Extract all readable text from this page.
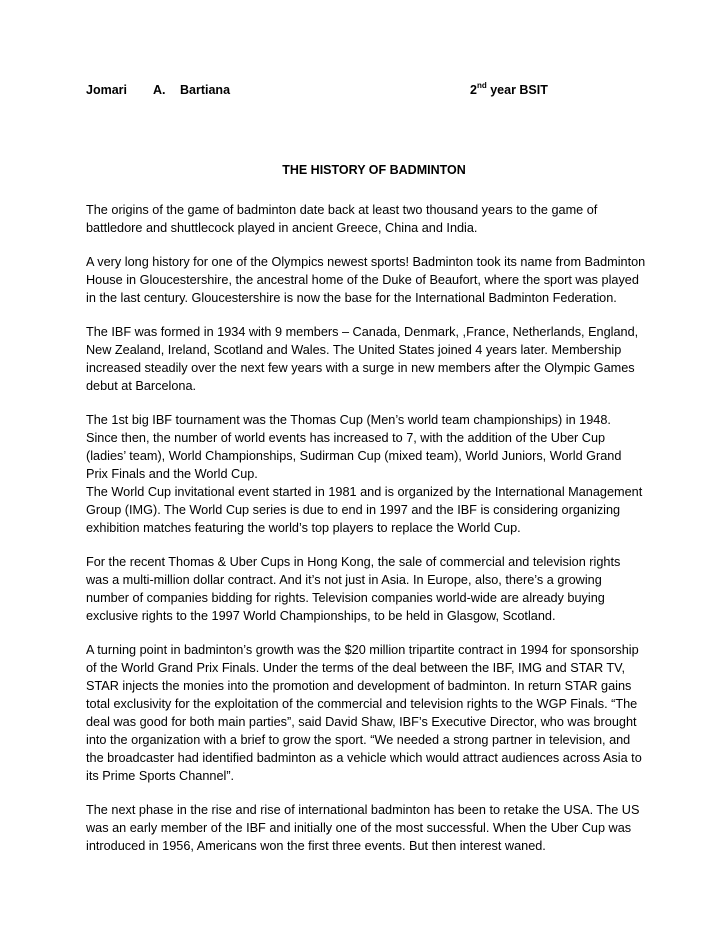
Jomari A. Bartiana	2nd year BSIT
THE HISTORY OF BADMINTON

The origins of the game of badminton date back at least two thousand years to the game of battledore and shuttlecock played in ancient Greece, China and India.

A very long history for one of the Olympics newest sports! Badminton took its name from Badminton House in Gloucestershire, the ancestral home of the Duke of Beaufort, where the sport was played in the last century. Gloucestershire is now the base for the International Badminton Federation.

The IBF was formed in 1934 with 9 members – Canada, Denmark, ,France, Netherlands, England, New Zealand, Ireland, Scotland and Wales. The United States joined 4 years later. Membership increased steadily over the next few years with a surge in new members after the Olympic Games debut at Barcelona.

The 1st big IBF tournament was the Thomas Cup (Men’s world team championships) in 1948. Since then, the number of world events has increased to 7, with the addition of the Uber Cup (ladies’ team), World Championships, Sudirman Cup (mixed team), World Juniors, World Grand Prix Finals and the World Cup.

The World Cup invitational event started in 1981 and is organized by the International Management Group (IMG). The World Cup series is due to end in 1997 and the IBF is considering organizing exhibition matches featuring the world’s top players to replace the World Cup.

For the recent Thomas & Uber Cups in Hong Kong, the sale of commercial and television rights was a multi-million dollar contract. And it’s not just in Asia. In Europe, also, there’s a growing number of companies bidding for rights. Television companies world-wide are already buying exclusive rights to the 1997 World Championships, to be held in Glasgow, Scotland.

A turning point in badminton’s growth was the $20 million tripartite contract in 1994 for sponsorship of the World Grand Prix Finals. Under the terms of the deal between the IBF, IMG and STAR TV, STAR injects the monies into the promotion and development of badminton. In return STAR gains total exclusivity for the exploitation of the commercial and television rights to the WGP Finals. “The deal was good for both main parties”, said David Shaw, IBF’s Executive Director, who was brought into the organization with a brief to grow the sport. “We needed a strong partner in television, and the broadcaster had identified badminton as a vehicle which would attract audiences across Asia to its Prime Sports Channel”.

The next phase in the rise and rise of international badminton has been to retake the USA. The US was an early member of the IBF and initially one of the most successful. When the Uber Cup was introduced in 1956, Americans won the first three events. But then interest waned.
